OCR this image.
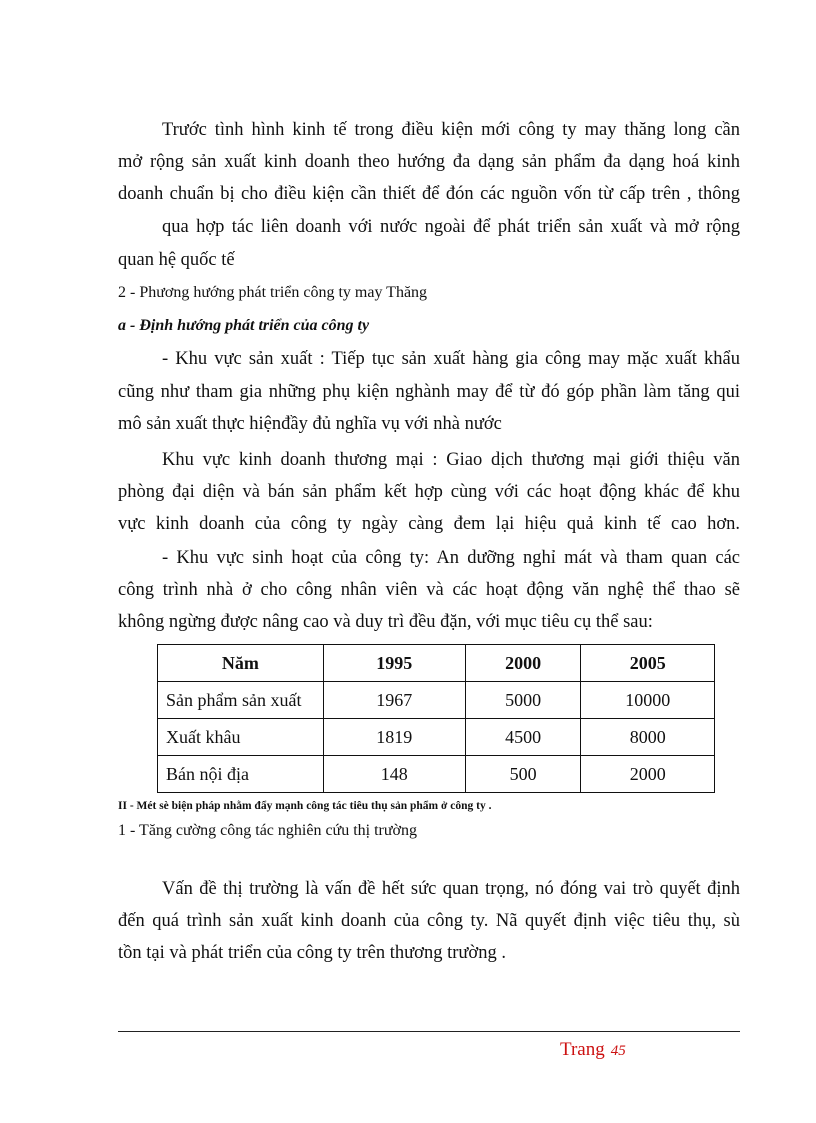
Trước tình hình kinh tế trong điều kiện mới công ty may thăng long cần
mở rộng sản xuất kinh doanh theo hướng đa dạng sản phẩm đa dạng hoá kinh
doanh chuẩn bị cho điều kiện cần thiết để đón các nguồn vốn từ cấp trên , thông
qua hợp tác liên doanh với nước ngoài để phát triển sản xuất và mở rộng
quan hệ quốc tế
2 - Phương hướng phát triển công ty may Thăng
a - Định hướng phát triển của công ty
- Khu vực sản xuất : Tiếp tục sản xuất hàng gia công may mặc xuất khẩu
cũng như tham gia những phụ kiện nghành may để từ đó góp phần làm tăng qui
mô sản xuất thực hiệnđầy đủ nghĩa vụ với nhà nước
Khu vực kinh doanh thương mại : Giao dịch thương mại giới thiệu văn
phòng đại diện và bán sản phẩm kết hợp cùng với các hoạt động khác để khu
vực kinh doanh của công ty ngày càng đem lại hiệu quả kinh tế cao hơn.
- Khu vực sinh hoạt của công ty: An dưỡng nghỉ mát và tham quan các
công trình nhà ở cho công nhân viên và các hoạt động văn nghệ thể thao sẽ
không ngừng được nâng cao và duy trì đều đặn, với mục tiêu cụ thể sau:
Năm	1995	2000	2005
Sản phẩm sản xuất	1967	5000	10000
Xuất khâu	1819	4500	8000
Bán nội địa	148	500	2000
II - Mét sè biện pháp nhằm đẩy mạnh công tác tiêu thụ sản phẩm ở công ty .
1 - Tăng cường công tác nghiên cứu thị trường
Vấn đề thị trường là vấn đề hết sức quan trọng, nó đóng vai trò quyết định
đến quá trình sản xuất kinh doanh của công ty. Nã quyết định việc tiêu thụ, sù
tồn tại và phát triển của công ty trên thương trường .
Trang 45
